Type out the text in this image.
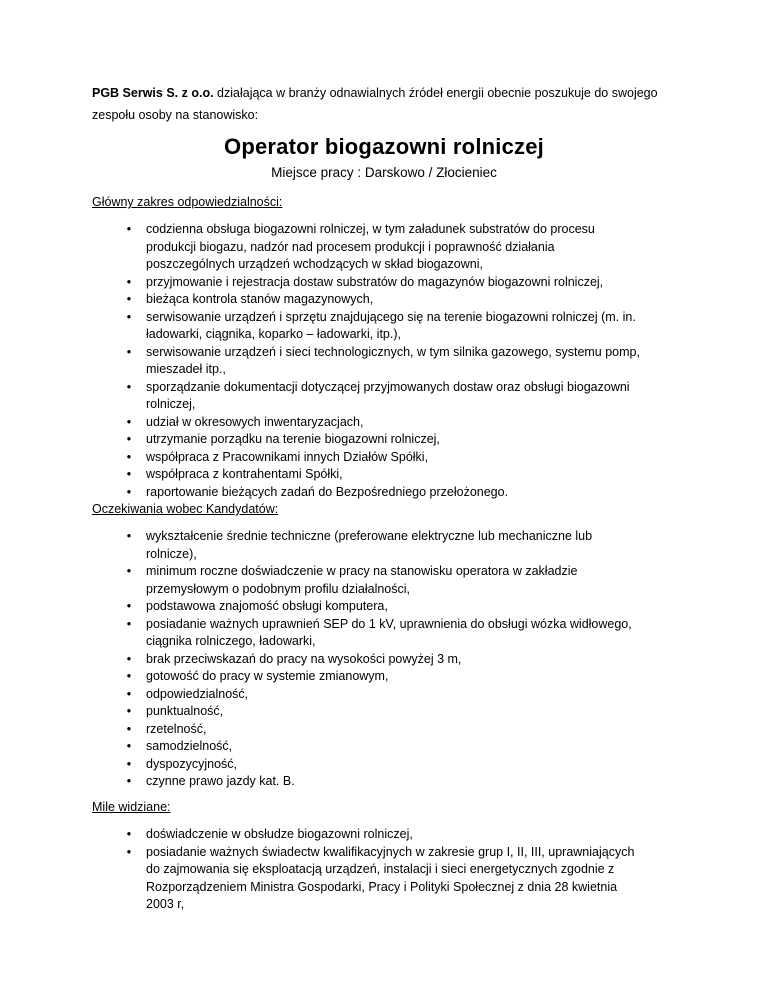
PGB Serwis S. z o.o. działająca w branży odnawialnych źródeł energii obecnie poszukuje do swojego zespołu osoby na stanowisko:

Operator biogazowni rolniczej
Miejsce pracy : Darskowo / Złocieniec
Główny zakres odpowiedzialności:
• codzienna obsługa biogazowni rolniczej, w tym załadunek substratów do procesu produkcji biogazu, nadzór nad procesem produkcji i poprawność działania poszczególnych urządzeń wchodzących w skład biogazowni,
• przyjmowanie i rejestracja dostaw substratów do magazynów biogazowni rolniczej,
• bieżąca kontrola stanów magazynowych,
• serwisowanie urządzeń i sprzętu znajdującego się na terenie biogazowni rolniczej (m. in. ładowarki, ciągnika, koparko – ładowarki, itp.),
• serwisowanie urządzeń i sieci technologicznych, w tym silnika gazowego, systemu pomp, mieszadeł itp.,
• sporządzanie dokumentacji dotyczącej przyjmowanych dostaw oraz obsługi biogazowni rolniczej,
• udział w okresowych inwentaryzacjach,
• utrzymanie porządku na terenie biogazowni rolniczej,
• współpraca z Pracownikami innych Działów Spółki,
• współpraca z kontrahentami Spółki,
• raportowanie bieżących zadań do Bezpośredniego przełożonego.
Oczekiwania wobec Kandydatów:
• wykształcenie średnie techniczne (preferowane elektryczne lub mechaniczne lub rolnicze),
• minimum roczne doświadczenie w pracy na stanowisku operatora w zakładzie przemysłowym o podobnym profilu działalności,
• podstawowa znajomość obsługi komputera,
• posiadanie ważnych uprawnień SEP do 1 kV, uprawnienia do obsługi wózka widłowego, ciągnika rolniczego, ładowarki,
• brak przeciwskazań do pracy na wysokości powyżej 3 m,
• gotowość do pracy w systemie zmianowym,
• odpowiedzialność,
• punktualność,
• rzetelność,
• samodzielność,
• dyspozycyjność,
• czynne prawo jazdy kat. B.
Mile widziane:
• doświadczenie w obsłudze biogazowni rolniczej,
• posiadanie ważnych świadectw kwalifikacyjnych w zakresie grup I, II, III, uprawniających do zajmowania się eksploatacją urządzeń, instalacji i sieci energetycznych zgodnie z Rozporządzeniem Ministra Gospodarki, Pracy i Polityki Społecznej z dnia 28 kwietnia 2003 r,
